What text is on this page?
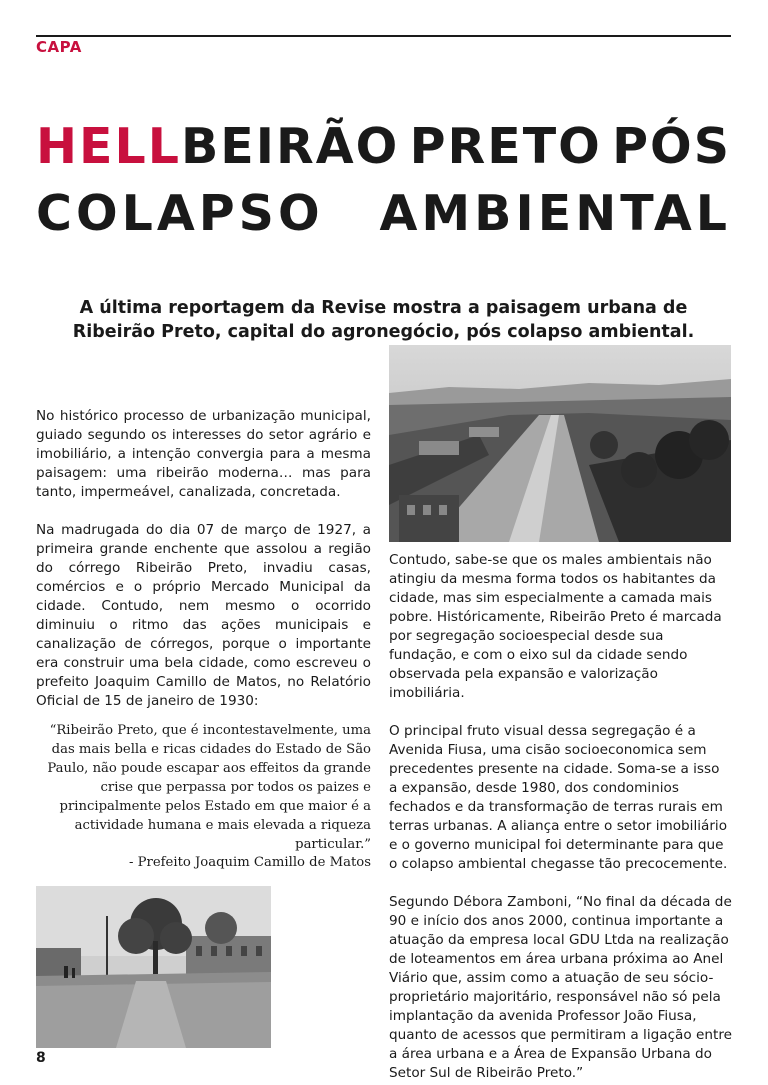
CAPA
HELLBEIRÃO PRETO PÓS
COLAPSO AMBIENTAL

A última reportagem da Revise mostra a paisagem urbana de Ribeirão Preto, capital do agronegócio, pós colapso ambiental.

No histórico processo de urbanização municipal, guiado segundo os interesses do setor agrário e imobiliário, a intenção convergia para a mesma paisagem: uma ribeirão moderna… mas para tanto, impermeável, canalizada, concretada.

Na madrugada do dia 07 de março de 1927, a primeira grande enchente que assolou a região do córrego Ribeirão Preto, invadiu casas, comércios e o próprio Mercado Municipal da cidade. Contudo, nem mesmo o ocorrido diminuiu o ritmo das ações municipais e canalização de córregos, porque o importante era construir uma bela cidade, como escreveu o prefeito Joaquim Camillo de Matos, no Relatório Oficial de 15 de janeiro de 1930:

“Ribeirão Preto, que é incontestavelmente, uma das mais bella e ricas cidades do Estado de São Paulo, não poude escapar aos effeitos da grande crise que perpassa por todos os paizes e principalmente pelos Estado em que maior é a actividade humana e mais elevada a riqueza particular.”
- Prefeito Joaquim Camillo de Matos

Contudo, sabe-se que os males ambientais não atingiu da mesma forma todos os habitantes da cidade, mas sim especialmente a camada mais pobre. Históricamente, Ribeirão Preto é marcada por segregação socioespecial desde sua fundação, e com o eixo sul da cidade sendo observada pela expansão e valorização imobiliária.

O principal fruto visual dessa segregação é a Avenida Fiusa, uma cisão socioeconomica sem precedentes presente na cidade. Soma-se a isso a expansão, desde 1980, dos condominios fechados e da transformação de terras rurais em terras urbanas. A aliança entre o setor imobiliário e o governo municipal foi determinante para que o colapso ambiental chegasse tão precocemente.

Segundo Débora Zamboni, “No final da década de 90 e início dos anos 2000, continua importante a atuação da empresa local GDU Ltda na realização de loteamentos em área urbana próxima ao Anel Viário que, assim como a atuação de seu sócio-proprietário majoritário, responsável não só pela implantação da avenida Professor João Fiusa, quanto de acessos que permitiram a ligação entre a área urbana e a Área de Expansão Urbana do Setor Sul de Ribeirão Preto.”

8
